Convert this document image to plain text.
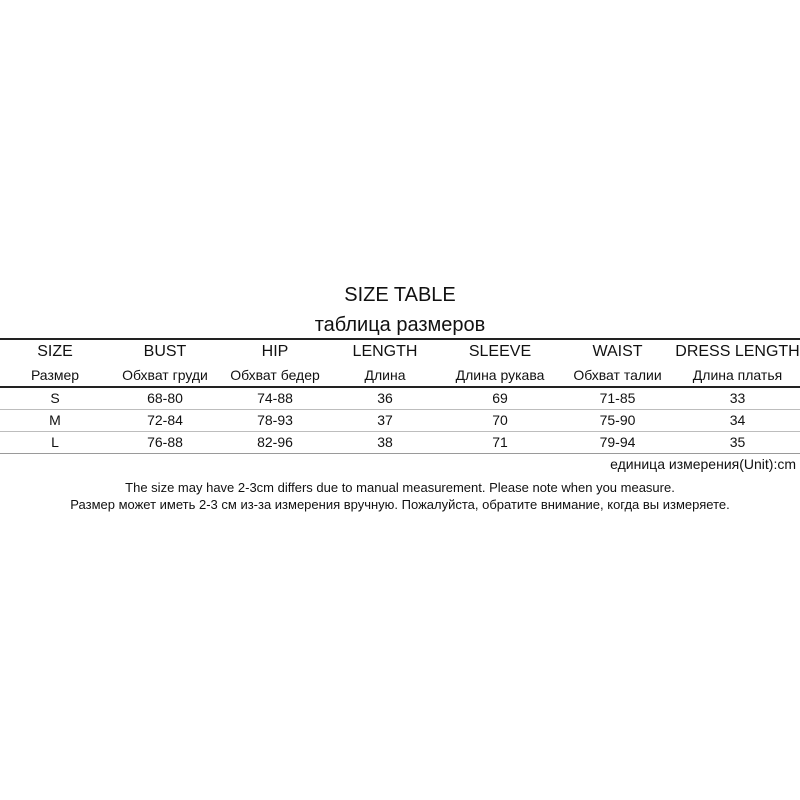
SIZE TABLE
таблица размеров
SIZE	BUST	HIP	LENGTH	SLEEVE	WAIST	DRESS LENGTH
Размер	Обхват груди	Обхват бедер	Длина	Длина рукава	Обхват талии	Длина платья
S	68-80	74-88	36	69	71-85	33
M	72-84	78-93	37	70	75-90	34
L	76-88	82-96	38	71	79-94	35
единица измерения(Unit):cm
The size may have 2-3cm differs due to manual measurement. Please note when you measure.
Размер может иметь 2-3 см из-за измерения вручную. Пожалуйста, обратите внимание, когда вы измеряете.
